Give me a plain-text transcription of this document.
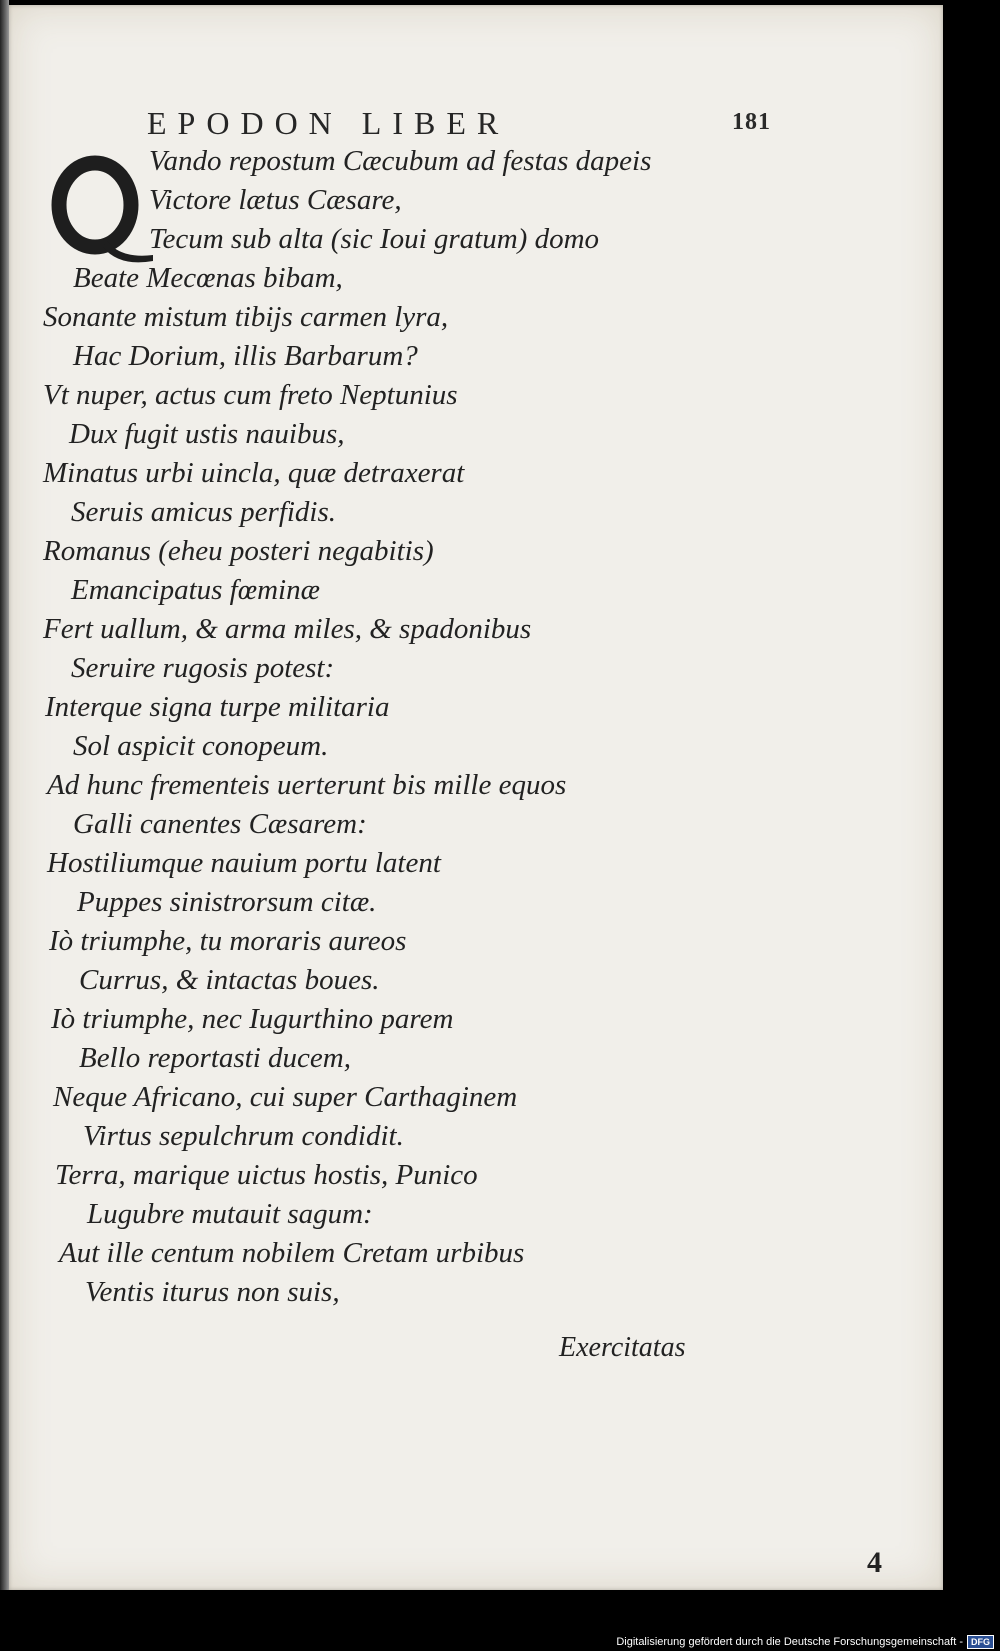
EPODON LIBER	181
Vando repostum Cæcubum ad festas dapeis
Victore lætus Cæsare,
Tecum sub alta (sic Ioui gratum) domo
Beate Mecœnas bibam,
Sonante mistum tibijs carmen lyra,
Hac Dorium, illis Barbarum?
Vt nuper, actus cum freto Neptunius
Dux fugit ustis nauibus,
Minatus urbi uincla, quæ detraxerat
Seruis amicus perfidis.
Romanus (eheu posteri negabitis)
Emancipatus fœminæ
Fert uallum, & arma miles, & spadonibus
Seruire rugosis potest:
Interque signa turpe militaria
Sol aspicit conopeum.
Ad hunc frementeis uerterunt bis mille equos
Galli canentes Cæsarem:
Hostiliumque nauium portu latent
Puppes sinistrorsum citæ.
Iò triumphe, tu moraris aureos
Currus, & intactas boues.
Iò triumphe, nec Iugurthino parem
Bello reportasti ducem,
Neque Africano, cui super Carthaginem
Virtus sepulchrum condidit.
Terra, marique uictus hostis, Punico
Lugubre mutauit sagum:
Aut ille centum nobilem Cretam urbibus
Ventis iturus non suis,
Exercitatas
4
Digitalisierung gefördert durch die Deutsche Forschungsgemeinschaft - DFG
